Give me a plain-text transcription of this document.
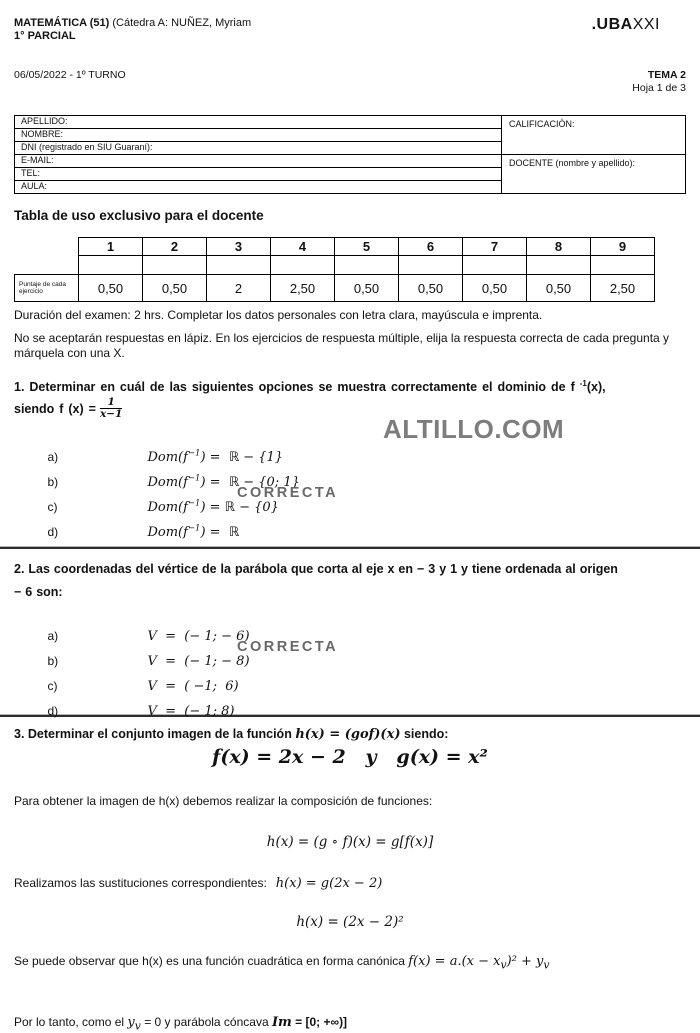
MATEMÁTICA (51) (Cátedra A: NUÑEZ, Myriam
1° PARCIAL
.UBAXXI
06/05/2022 - 1º TURNO	TEMA 2
Hoja 1 de 3
APELLIDO:
NOMBRE:
DNI (registrado en SIU Guaraní):
E-MAIL:
TEL:
AULA:
CALIFICACIÓN:
DOCENTE (nombre y apellido):
Tabla de uso exclusivo para el docente
	1	2	3	4	5	6	7	8	9

Puntaje de cada ejercicio	0,50	0,50	2	2,50	0,50	0,50	0,50	0,50	2,50

Duración del examen: 2 hrs. Completar los datos personales con letra clara, mayúscula e imprenta.

No se aceptarán respuestas en lápiz. En los ejercicios de respuesta múltiple, elija la respuesta correcta de cada pregunta y márquela con una X.

1. Determinar en cuál de las siguientes opciones se muestra correctamente el dominio de f $^{-1}$(x),
siendo f $(x) = \frac{1}{x-1}$

a)	$Dom(f^{-1})$ =  ℝ − {1}

b)	$Dom(f^{-1})$ =  ℝ − {0; 1}

c)	$Dom(f^{-1})$ = ℝ − {0}

CORRECTA

d)	$Dom(f^{-1})$ =  ℝ

2. Las coordenadas del vértice de la parábola que corta al eje x en − 3 y 1 y tiene ordenada al origen
− 6 son:

a)	V  =  (− 1; − 6)

b)	V  =  (− 1; − 8)

CORRECTA

c)	V  =  ( −1;  6)

d)	V  =  (− 1; 8)

3. Determinar el conjunto imagen de la función h(x) = (gof)(x) siendo:

f(x) = 2x − 2   y   g(x) = x²

Para obtener la imagen de h(x) debemos realizar la composición de funciones:

h(x) = (g ∘ f)(x) = g[f(x)]

Realizamos las sustituciones correspondientes: h(x) = g(2x − 2)

h(x) = (2x − 2)²

Se puede observar que h(x) es una función cuadrática en forma canónica $f(x) = a.(x - x_v)^2 + y_v$

Por lo tanto, como el $y_v = 0$ y parábola cóncava Im = [0; +∞)]

ALTILLO.COM
